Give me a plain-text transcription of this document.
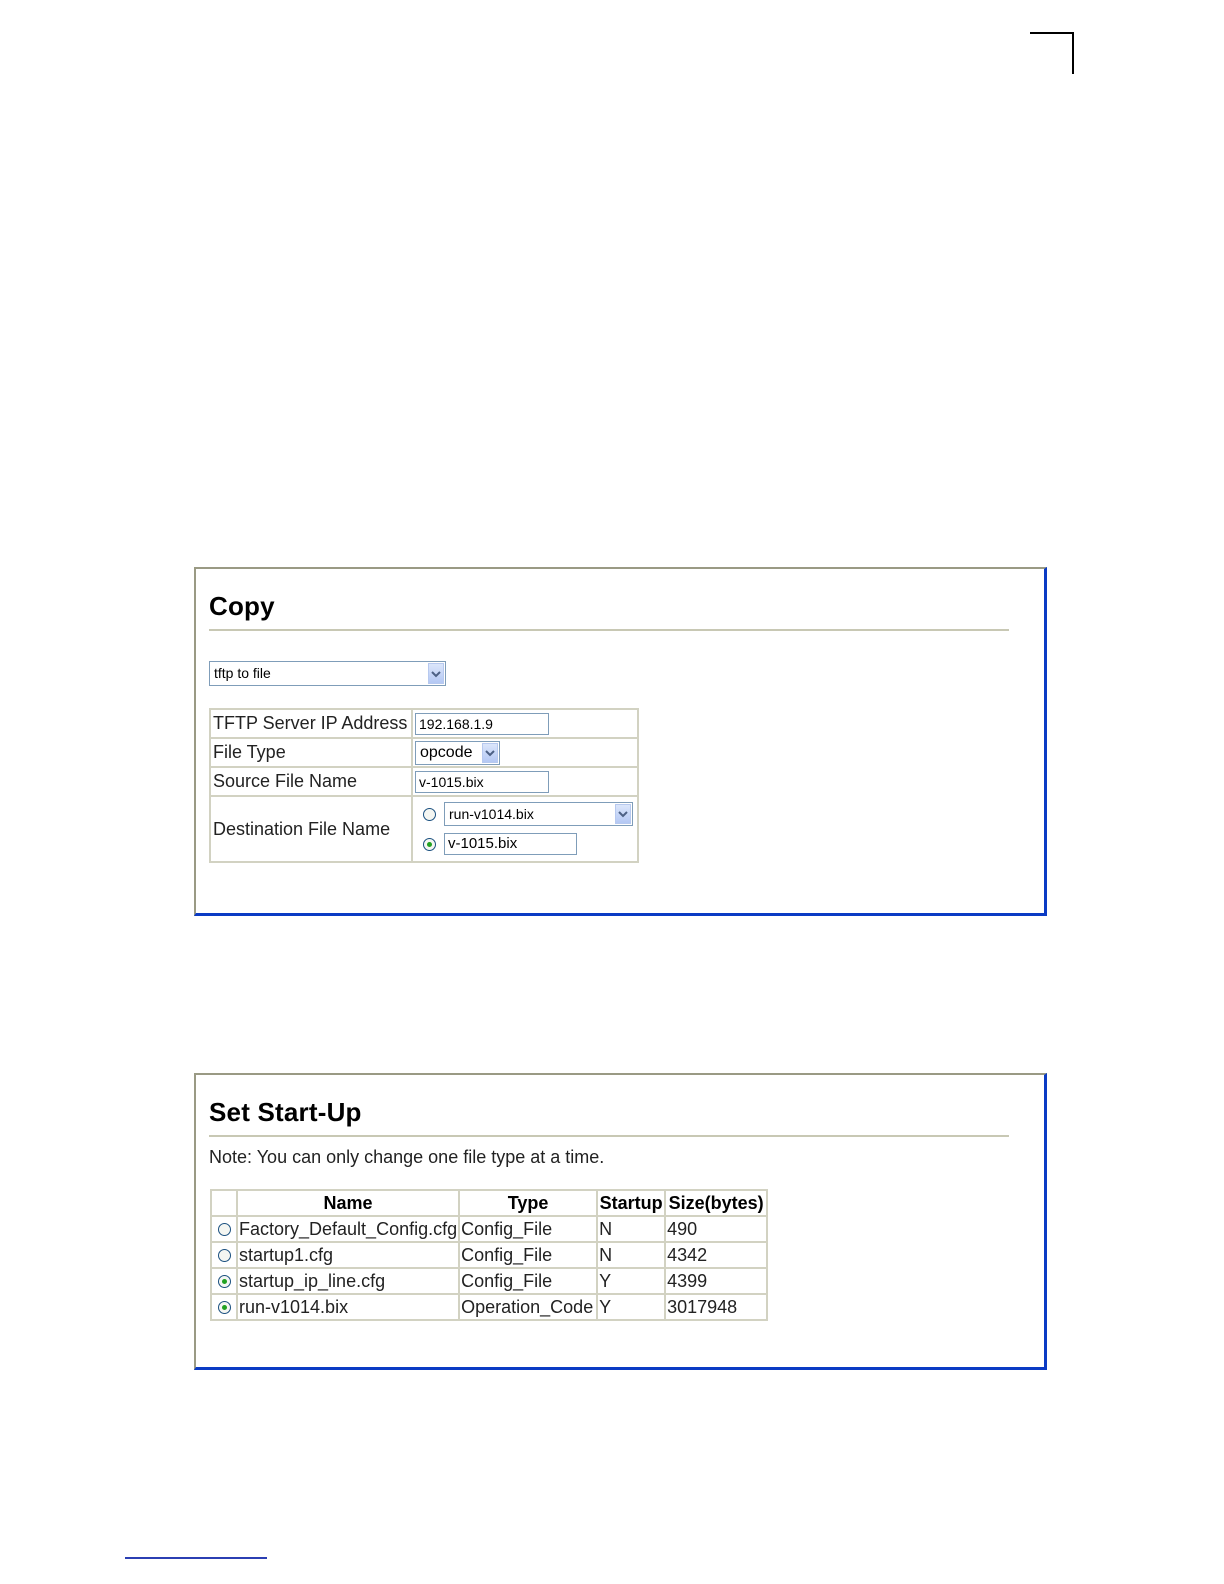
Copy
tftp to file
TFTP Server IP Address	192.168.1.9
File Type	opcode

Source File Name	v-1015.bix
Destination File Name	run-v1014.bix
v-1015.bix
Set Start-Up
Note: You can only change one file type at a time.
	Name	Type	Startup	Size(bytes)
	Factory_Default_Config.cfg	Config_File	N	490
	startup1.cfg	Config_File	N	4342
	startup_ip_line.cfg	Config_File	Y	4399
	run-v1014.bix	Operation_Code	Y	3017948
